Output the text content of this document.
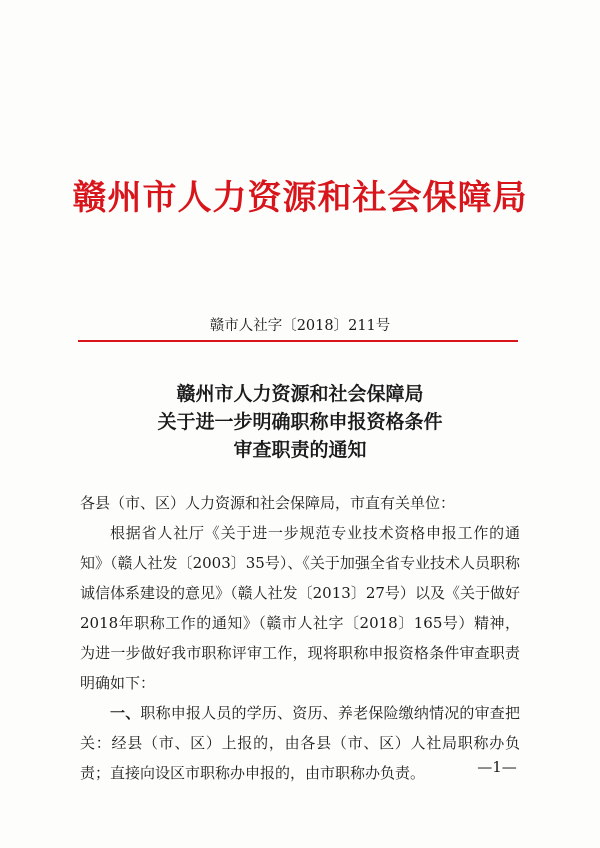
赣州市人力资源和社会保障局
赣市人社字〔2018〕211号
赣州市人力资源和社会保障局
关于进一步明确职称申报资格条件
审查职责的通知

各县（市、区）人力资源和社会保障局，市直有关单位：

根据省人社厅《关于进一步规范专业技术资格申报工作的通知》（赣人社发〔2003〕35号）、《关于加强全省专业技术人员职称诚信体系建设的意见》（赣人社发〔2013〕27号）以及《关于做好2018年职称工作的通知》（赣市人社字〔2018〕165号）精神，为进一步做好我市职称评审工作，现将职称申报资格条件审查职责明确如下：

一、职称申报人员的学历、资历、养老保险缴纳情况的审查把关：经县（市、区）上报的，由各县（市、区）人社局职称办负责；直接向设区市职称办申报的，由市职称办负责。	—1—
